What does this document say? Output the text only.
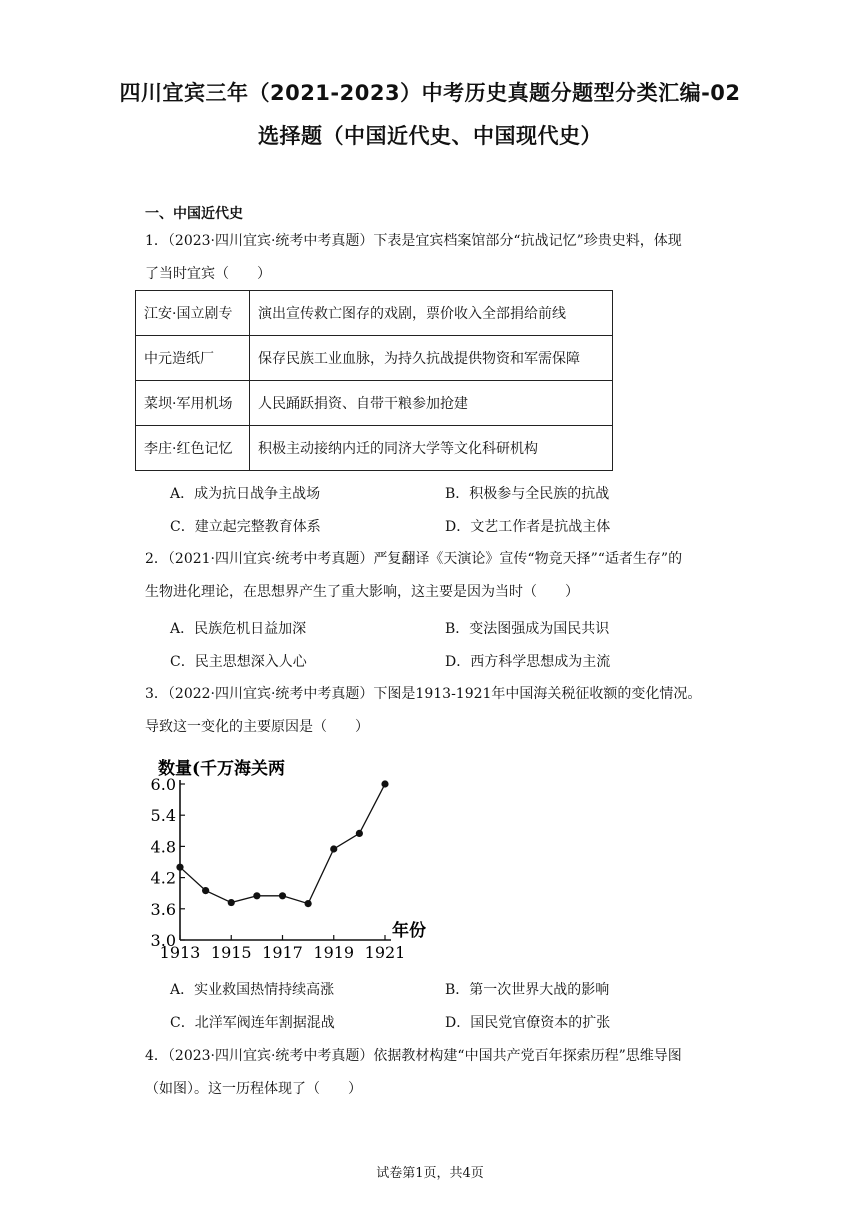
四川宜宾三年（2021-2023）中考历史真题分题型分类汇编-02
选择题（中国近代史、中国现代史）
一、中国近代史
1．（2023·四川宜宾·统考中考真题）下表是宜宾档案馆部分“抗战记忆”珍贵史料，体现
了当时宜宾（　　）
江安·国立剧专	演出宣传救亡图存的戏剧，票价收入全部捐给前线
中元造纸厂	保存民族工业血脉，为持久抗战提供物资和军需保障
菜坝·军用机场	人民踊跃捐资、自带干粮参加抢建
李庄·红色记忆	积极主动接纳内迁的同济大学等文化科研机构
A．成为抗日战争主战场	B．积极参与全民族的抗战
C．建立起完整教育体系	D．文艺工作者是抗战主体
2．（2021·四川宜宾·统考中考真题）严复翻译《天演论》宣传“物竞天择”“适者生存”的
生物进化理论，在思想界产生了重大影响，这主要是因为当时（　　）
A．民族危机日益加深	B．变法图强成为国民共识
C．民主思想深入人心	D．西方科学思想成为主流
3．（2022·四川宜宾·统考中考真题）下图是1913-1921年中国海关税征收额的变化情况。
导致这一变化的主要原因是（　　）
3.0
3.6
4.2
4.8
5.4
6.0
1913 1915 1917 1919 1921
数量(千万海关两
年份
A．实业救国热情持续高涨	B．第一次世界大战的影响
C．北洋军阀连年割据混战	D．国民党官僚资本的扩张
4．（2023·四川宜宾·统考中考真题）依据教材构建“中国共产党百年探索历程”思维导图
（如图）。这一历程体现了（　　）
试卷第1页，共4页
